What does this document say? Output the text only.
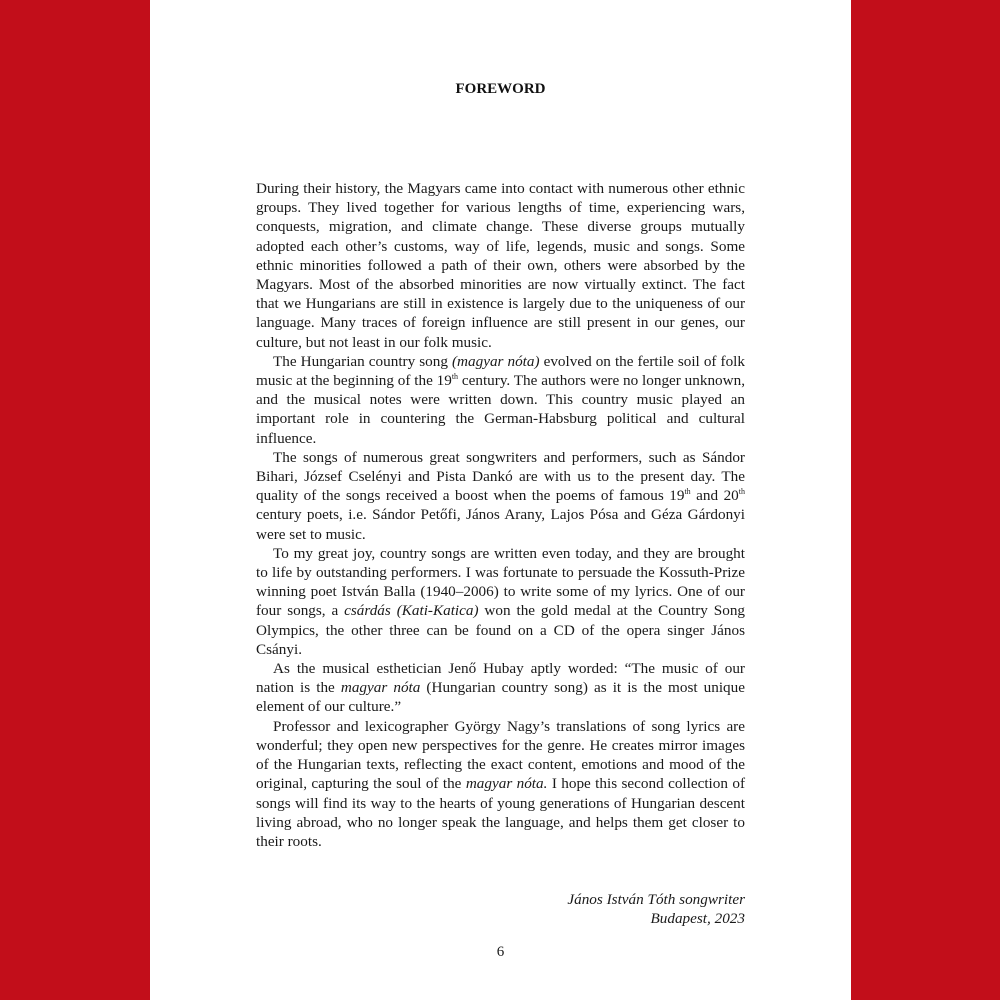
FOREWORD

During their history, the Magyars came into contact with numerous other ethnic groups. They lived together for various lengths of time, experiencing wars, conquests, migration, and climate change. These diverse groups mutually adopted each other’s customs, way of life, legends, music and songs. Some ethnic minorities followed a path of their own, others were absorbed by the Magyars. Most of the absorbed minorities are now virtually extinct. The fact that we Hungarians are still in existence is largely due to the uniqueness of our language. Many traces of foreign influence are still present in our genes, our culture, but not least in our folk music.

The Hungarian country song (magyar nóta) evolved on the fertile soil of folk music at the beginning of the 19th century. The authors were no longer unknown, and the musical notes were written down. This country music played an important role in countering the German-Habsburg political and cultural influence.

The songs of numerous great songwriters and performers, such as Sándor Bihari, József Cselényi and Pista Dankó are with us to the present day. The quality of the songs received a boost when the poems of famous 19th and 20th century poets, i.e. Sándor Petőfi, János Arany, Lajos Pósa and Géza Gárdonyi were set to music.

To my great joy, country songs are written even today, and they are brought to life by outstanding performers. I was fortunate to persuade the Kossuth-Prize winning poet István Balla (1940–2006) to write some of my lyrics. One of our four songs, a csárdás (Kati-Katica) won the gold medal at the Country Song Olympics, the other three can be found on a CD of the opera singer János Csányi.

As the musical esthetician Jenő Hubay aptly worded: “The music of our nation is the magyar nóta (Hungarian country song) as it is the most unique element of our culture.”

Professor and lexicographer György Nagy’s translations of song lyrics are wonderful; they open new perspectives for the genre. He creates mirror images of the Hungarian texts, reflecting the exact content, emotions and mood of the original, capturing the soul of the magyar nóta. I hope this second collection of songs will find its way to the hearts of young generations of Hungarian descent living abroad, who no longer speak the language, and helps them get closer to their roots.

János István Tóth songwriter
Budapest, 2023
6
